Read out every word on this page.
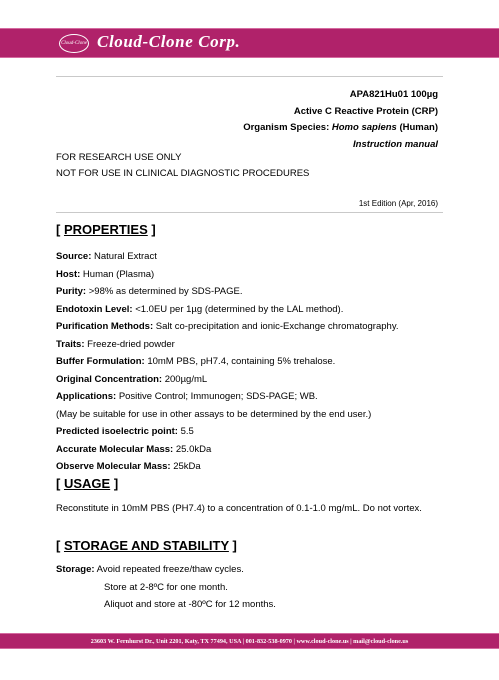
Cloud-Clone Cloud-Clone Corp.
APA821Hu01 100µg
Active C Reactive Protein (CRP)
Organism Species: Homo sapiens (Human)
Instruction manual
FOR RESEARCH USE ONLY
NOT FOR USE IN CLINICAL DIAGNOSTIC PROCEDURES
1st Edition (Apr, 2016)
[ PROPERTIES ]
Source: Natural Extract
Host: Human (Plasma)
Purity: >98% as determined by SDS-PAGE.
Endotoxin Level: <1.0EU per 1µg (determined by the LAL method).
Purification Methods: Salt co-precipitation and ionic-Exchange chromatography.
Traits: Freeze-dried powder
Buffer Formulation: 10mM PBS, pH7.4, containing 5% trehalose.
Original Concentration: 200µg/mL
Applications: Positive Control; Immunogen; SDS-PAGE; WB.
(May be suitable for use in other assays to be determined by the end user.)
Predicted isoelectric point: 5.5
Accurate Molecular Mass: 25.0kDa
Observe Molecular Mass: 25kDa
[ USAGE ]
Reconstitute in 10mM PBS (PH7.4) to a concentration of 0.1-1.0 mg/mL. Do not vortex.
[ STORAGE AND STABILITY ]
Storage: Avoid repeated freeze/thaw cycles.
Store at 2-8ºC for one month.
Aliquot and store at -80ºC for 12 months.
23603 W. Fernhurst Dr., Unit 2201, Katy, TX 77494, USA | 001-832-538-0970 | www.cloud-clone.us | mail@cloud-clone.us
